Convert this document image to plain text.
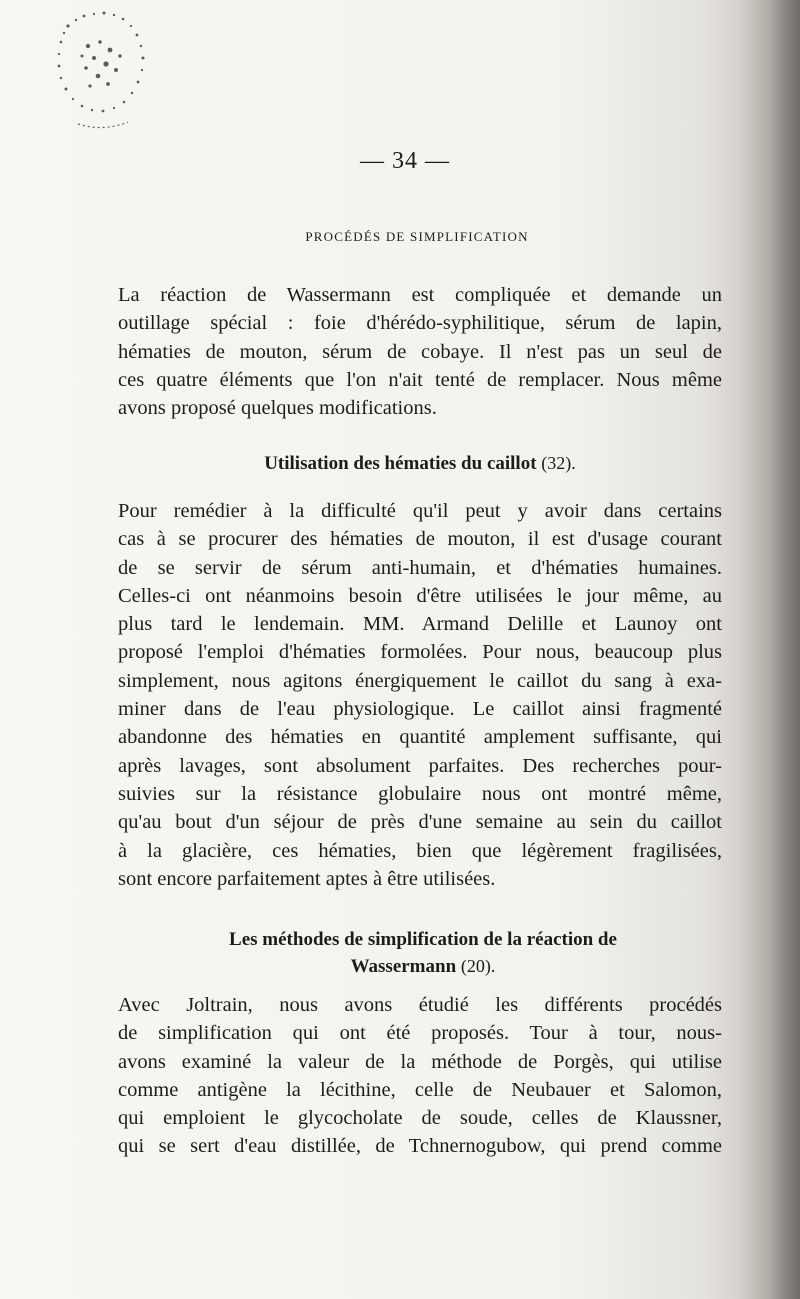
— 34 —
PROCÉDÉS DE SIMPLIFICATION
La réaction de Wassermann est compliquée et demande un
outillage spécial : foie d'hérédo-syphilitique, sérum de lapin,
hématies de mouton, sérum de cobaye. Il n'est pas un seul de
ces quatre éléments que l'on n'ait tenté de remplacer. Nous même
avons proposé quelques modifications.
Utilisation des hématies du caillot (32).
Pour remédier à la difficulté qu'il peut y avoir dans certains
cas à se procurer des hématies de mouton, il est d'usage courant
de se servir de sérum anti-humain, et d'hématies humaines.
Celles-ci ont néanmoins besoin d'être utilisées le jour même, au
plus tard le lendemain. MM. Armand Delille et Launoy ont
proposé l'emploi d'hématies formolées. Pour nous, beaucoup plus
simplement, nous agitons énergiquement le caillot du sang à exa-
miner dans de l'eau physiologique. Le caillot ainsi fragmenté
abandonne des hématies en quantité amplement suffisante, qui
après lavages, sont absolument parfaites. Des recherches pour-
suivies sur la résistance globulaire nous ont montré même,
qu'au bout d'un séjour de près d'une semaine au sein du caillot
à la glacière, ces hématies, bien que légèrement fragilisées,
sont encore parfaitement aptes à être utilisées.
Les méthodes de simplification de la réaction de
Wassermann (20).
Avec Joltrain, nous avons étudié les différents procédés
de simplification qui ont été proposés. Tour à tour, nous-
avons examiné la valeur de la méthode de Porgès, qui utilise
comme antigène la lécithine, celle de Neubauer et Salomon,
qui emploient le glycocholate de soude, celles de Klaussner,
qui se sert d'eau distillée, de Tchnernogubow, qui prend comme
